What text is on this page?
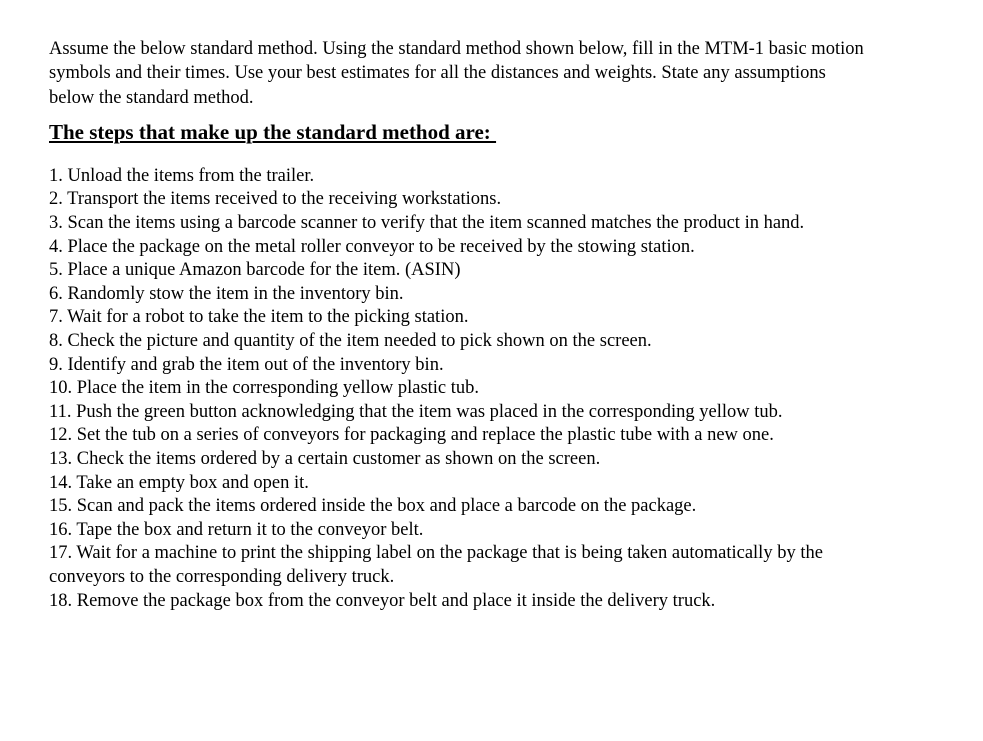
Assume the below standard method. Using the standard method shown below, fill in the MTM-1 basic motion symbols and their times. Use your best estimates for all the distances and weights. State any assumptions below the standard method.

The steps that make up the standard method are:
1. Unload the items from the trailer.
2. Transport the items received to the receiving workstations.
3. Scan the items using a barcode scanner to verify that the item scanned matches the product in hand.
4. Place the package on the metal roller conveyor to be received by the stowing station.
5. Place a unique Amazon barcode for the item. (ASIN)
6. Randomly stow the item in the inventory bin.
7. Wait for a robot to take the item to the picking station.
8. Check the picture and quantity of the item needed to pick shown on the screen.
9. Identify and grab the item out of the inventory bin.
10. Place the item in the corresponding yellow plastic tub.
11. Push the green button acknowledging that the item was placed in the corresponding yellow tub.
12. Set the tub on a series of conveyors for packaging and replace the plastic tube with a new one.
13. Check the items ordered by a certain customer as shown on the screen.
14. Take an empty box and open it.
15. Scan and pack the items ordered inside the box and place a barcode on the package.
16. Tape the box and return it to the conveyor belt.
17. Wait for a machine to print the shipping label on the package that is being taken automatically by the conveyors to the corresponding delivery truck.
18. Remove the package box from the conveyor belt and place it inside the delivery truck.
